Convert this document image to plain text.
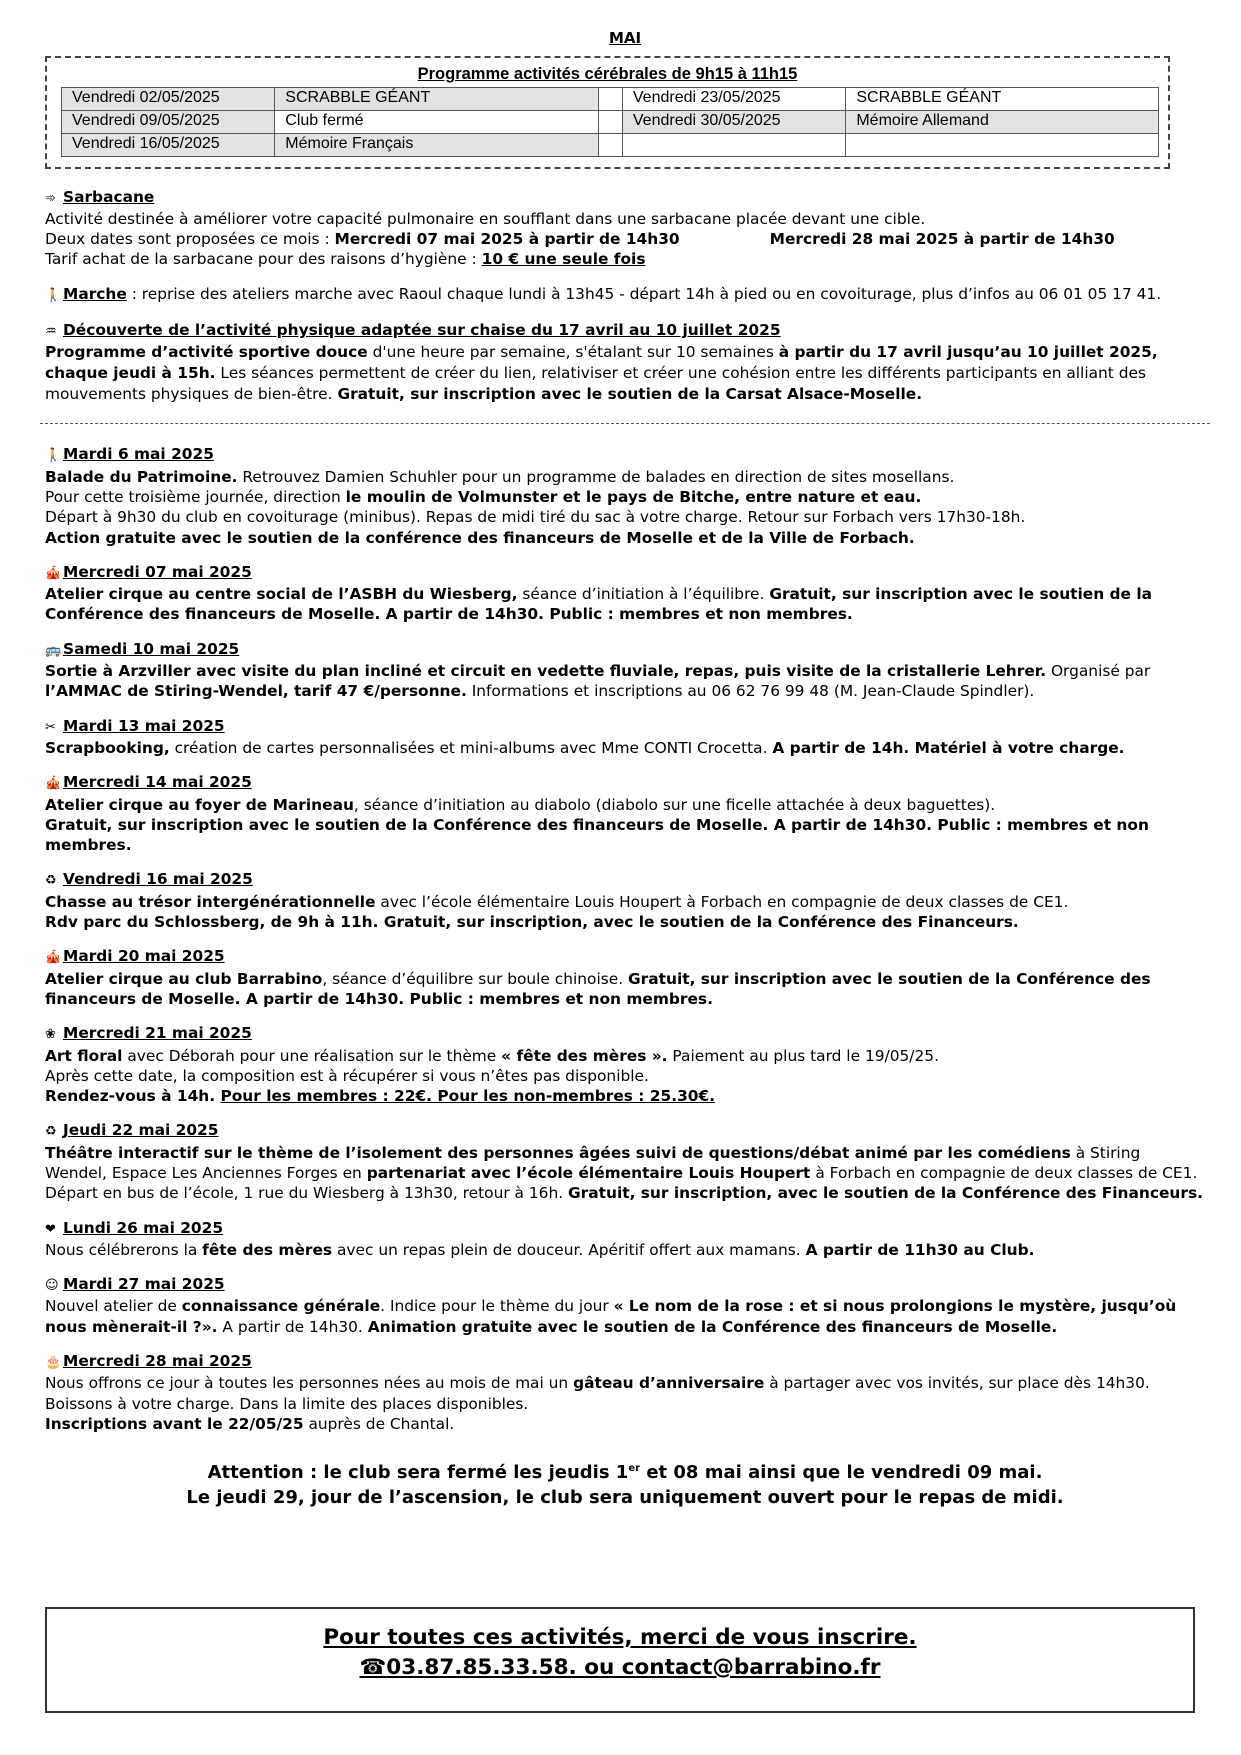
MAI
Programme activités cérébrales de 9h15 à 11h15
Vendredi 02/05/2025	SCRABBLE GÉANT		Vendredi 23/05/2025	SCRABBLE GÉANT
Vendredi 09/05/2025	Club fermé		Vendredi 30/05/2025	Mémoire Allemand
Vendredi 16/05/2025	Mémoire Français			

➾ Sarbacane

Activité destinée à améliorer votre capacité pulmonaire en soufflant dans une sarbacane placée devant une cible.

Deux dates sont proposées ce mois : Mercredi 07 mai 2025 à partir de 14h30	Mercredi 28 mai 2025 à partir de 14h30

Tarif achat de la sarbacane pour des raisons d’hygiène : 10 € une seule fois

🚶 Marche : reprise des ateliers marche avec Raoul chaque lundi à 13h45 - départ 14h à pied ou en covoiturage, plus d’infos au 06 01 05 17 41.

♒ Découverte de l’activité physique adaptée sur chaise du 17 avril au 10 juillet 2025

Programme d’activité sportive douce d'une heure par semaine, s'étalant sur 10 semaines à partir du 17 avril jusqu’au 10 juillet 2025, chaque jeudi à 15h. Les séances permettent de créer du lien, relativiser et créer une cohésion entre les différents participants en alliant des mouvements physiques de bien-être. Gratuit, sur inscription avec le soutien de la Carsat Alsace-Moselle.

🚶 Mardi 6 mai 2025

Balade du Patrimoine. Retrouvez Damien Schuhler pour un programme de balades en direction de sites mosellans.

Pour cette troisième journée, direction le moulin de Volmunster et le pays de Bitche, entre nature et eau.

Départ à 9h30 du club en covoiturage (minibus). Repas de midi tiré du sac à votre charge. Retour sur Forbach vers 17h30-18h.

Action gratuite avec le soutien de la conférence des financeurs de Moselle et de la Ville de Forbach.

🎪 Mercredi 07 mai 2025

Atelier cirque au centre social de l’ASBH du Wiesberg, séance d’initiation à l’équilibre. Gratuit, sur inscription avec le soutien de la Conférence des financeurs de Moselle. A partir de 14h30. Public : membres et non membres.

🚌 Samedi 10 mai 2025

Sortie à Arzviller avec visite du plan incliné et circuit en vedette fluviale, repas, puis visite de la cristallerie Lehrer. Organisé par l’AMMAC de Stiring-Wendel, tarif 47 €/personne. Informations et inscriptions au 06 62 76 99 48 (M. Jean-Claude Spindler).

✂ Mardi 13 mai 2025

Scrapbooking, création de cartes personnalisées et mini-albums avec Mme CONTI Crocetta. A partir de 14h. Matériel à votre charge.

🎪 Mercredi 14 mai 2025

Atelier cirque au foyer de Marineau, séance d’initiation au diabolo (diabolo sur une ficelle attachée à deux baguettes).

Gratuit, sur inscription avec le soutien de la Conférence des financeurs de Moselle. A partir de 14h30. Public : membres et non membres.

♻ Vendredi 16 mai 2025

Chasse au trésor intergénérationnelle avec l’école élémentaire Louis Houpert à Forbach en compagnie de deux classes de CE1.

Rdv parc du Schlossberg, de 9h à 11h. Gratuit, sur inscription, avec le soutien de la Conférence des Financeurs.

🎪 Mardi 20 mai 2025

Atelier cirque au club Barrabino, séance d’équilibre sur boule chinoise. Gratuit, sur inscription avec le soutien de la Conférence des financeurs de Moselle. A partir de 14h30. Public : membres et non membres.

❀ Mercredi 21 mai 2025

Art floral avec Déborah pour une réalisation sur le thème « fête des mères ». Paiement au plus tard le 19/05/25.

Après cette date, la composition est à récupérer si vous n’êtes pas disponible.

Rendez-vous à 14h. Pour les membres : 22€. Pour les non-membres : 25.30€.

♻ Jeudi 22 mai 2025

Théâtre interactif sur le thème de l’isolement des personnes âgées suivi de questions/débat animé par les comédiens à Stiring Wendel, Espace Les Anciennes Forges en partenariat avec l’école élémentaire Louis Houpert à Forbach en compagnie de deux classes de CE1.

Départ en bus de l’école, 1 rue du Wiesberg à 13h30, retour à 16h. Gratuit, sur inscription, avec le soutien de la Conférence des Financeurs.

❤ Lundi 26 mai 2025

Nous célébrerons la fête des mères avec un repas plein de douceur. Apéritif offert aux mamans. A partir de 11h30 au Club.

☺ Mardi 27 mai 2025

Nouvel atelier de connaissance générale. Indice pour le thème du jour « Le nom de la rose : et si nous prolongions le mystère, jusqu’où nous mènerait-il ?». A partir de 14h30. Animation gratuite avec le soutien de la Conférence des financeurs de Moselle.

🎂 Mercredi 28 mai 2025

Nous offrons ce jour à toutes les personnes nées au mois de mai un gâteau d’anniversaire à partager avec vos invités, sur place dès 14h30.

Boissons à votre charge. Dans la limite des places disponibles.

Inscriptions avant le 22/05/25 auprès de Chantal.

Attention : le club sera fermé les jeudis 1er et 08 mai ainsi que le vendredi 09 mai.

Le jeudi 29, jour de l’ascension, le club sera uniquement ouvert pour le repas de midi.

Pour toutes ces activités, merci de vous inscrire.
☎03.87.85.33.58. ou contact@barrabino.fr
